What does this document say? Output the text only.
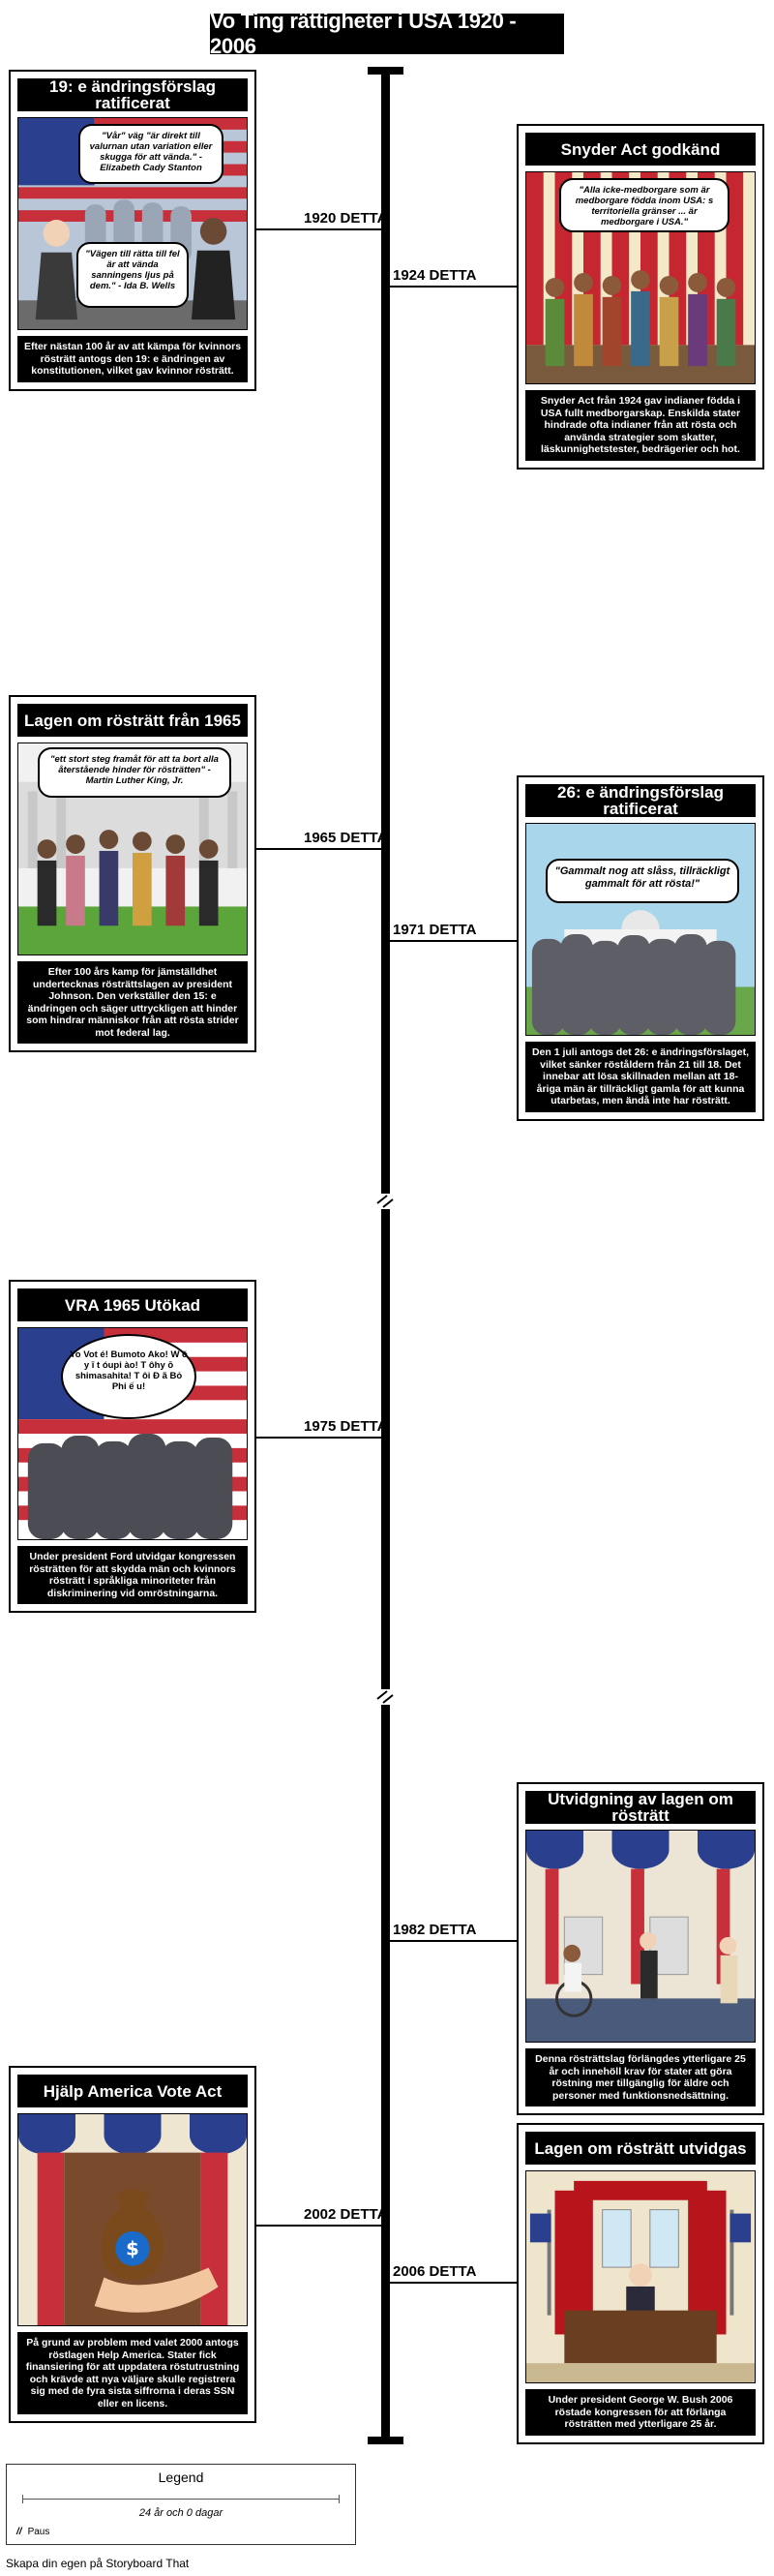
Vo Ting rättigheter i USA 1920 - 2006
1920 DETTA
1924 DETTA
1965 DETTA
1971 DETTA
1975 DETTA
1982 DETTA
2002 DETTA
2006 DETTA
19: e ändringsförslag ratificerat
"Vår" väg "är direkt till valurnan utan variation eller skugga för att vända." -Elizabeth Cady Stanton
"Vägen till rätta till fel är att vända sanningens ljus på dem." - Ida B. Wells
Efter nästan 100 år av att kämpa för kvinnors rösträtt antogs den 19: e ändringen av konstitutionen, vilket gav kvinnor rösträtt.
Snyder Act godkänd
"Alla icke-medborgare som är medborgare födda inom USA: s territoriella gränser ... är medborgare i USA."
Snyder Act från 1924 gav indianer födda i USA fullt medborgarskap. Enskilda stater hindrade ofta indianer från att rösta och använda strategier som skatter, läskunnighetstester, bedrägerier och hot.
Lagen om rösträtt från 1965
"ett stort steg framåt för att ta bort alla återstående hinder för rösträtten" - Martin Luther King, Jr.
Efter 100 års kamp för jämställdhet undertecknas rösträttslagen av president Johnson. Den verkställer den 15: e ändringen och säger uttryckligen att hinder som hindrar människor från att rösta strider mot federal lag.
26: e ändringsförslag ratificerat
"Gammalt nog att slåss, tillräckligt gammalt för att rösta!"
Den 1 juli antogs det 26: e ändringsförslaget, vilket sänker röståldern från 21 till 18. Det innebar att lösa skillnaden mellan att 18-åriga män är tillräckligt gamla för att kunna utarbetas, men ändå inte har rösträtt.
VRA 1965 Utökad
Yo Vot é! Bumoto Ako! W ǒ y ī t óupi ào! T ôhy ō shimasahita! T ôi Đ ã Bỏ Phi ế u!
Under president Ford utvidgar kongressen rösträtten för att skydda män och kvinnors rösträtt i språkliga minoriteter från diskriminering vid omröstningarna.
Utvidgning av lagen om rösträtt
Denna rösträttslag förlängdes ytterligare 25 år och innehöll krav för stater att göra röstning mer tillgänglig för äldre och personer med funktionsnedsättning.
Hjälp America Vote Act
$
På grund av problem med valet 2000 antogs röstlagen Help America. Stater fick finansiering för att uppdatera röstutrustning och krävde att nya väljare skulle registrera sig med de fyra sista siffrorna i deras SSN eller en licens.
Lagen om rösträtt utvidgas
Under president George W. Bush 2006 röstade kongressen för att förlänga rösträtten med ytterligare 25 år.
Legend
24 år och 0 dagar
// Paus
Skapa din egen på Storyboard That
